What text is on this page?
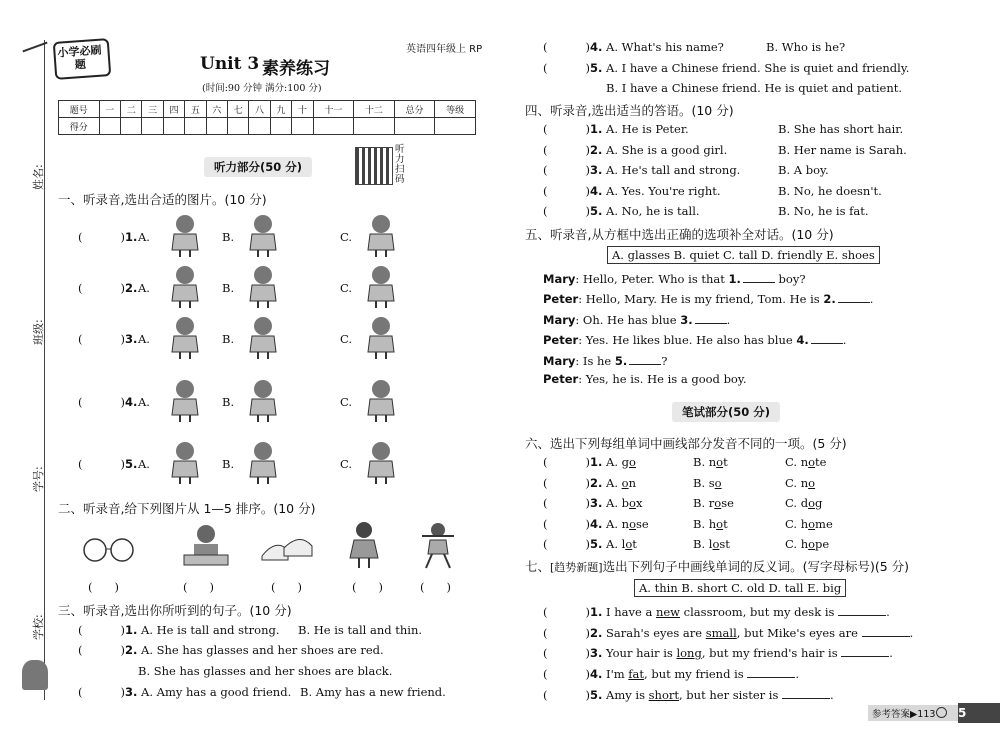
小学必刷题	Unit 3 素养练习
英语四年级上 RP
(时间:90 分钟 满分:100 分)
题号	一	二	三	四	五	六	七	八	九	十	十一	十二	总分	等级
得分														
听力部分(50 分)
听力扫码
姓名:
班级:
学号:
学校:
一、听录音,选出合适的图片。(10 分)
(	)1. A.	B.	C.
(	)2. A.	B.	C.
(	)3. A.	B.	C.
(	)4. A.	B.	C.
(	)5. A.	B.	C.
二、听录音,给下列图片从 1—5 排序。(10 分)
( )	( )	( )	( )	( )
三、听录音,选出你所听到的句子。(10 分)
(	)1. A. He is tall and strong. B. He is tall and thin.
(	)2. A. She has glasses and her shoes are red.
B. She has glasses and her shoes are black.
(	)3. A. Amy has a good friend. B. Amy has a new friend.
(	)4. A. What's his name?	B. Who is he?
(	)5. A. I have a Chinese friend. She is quiet and friendly.
B. I have a Chinese friend. He is quiet and patient.
四、听录音,选出适当的答语。(10 分)
(	)1. A. He is Peter.	B. She has short hair.
(	)2. A. She is a good girl.	B. Her name is Sarah.
(	)3. A. He's tall and strong.	B. A boy.
(	)4. A. Yes. You're right.	B. No, he doesn't.
(	)5. A. No, he is tall.	B. No, he is fat.
五、听录音,从方框中选出正确的选项补全对话。(10 分)
A. glasses B. quiet C. tall D. friendly E. shoes
Mary: Hello, Peter. Who is that 1.	boy?
Peter: Hello, Mary. He is my friend, Tom. He is 2.	.
Mary: Oh. He has blue 3.	.
Peter: Yes. He likes blue. He also has blue 4.	.
Mary: Is he 5.	?
Peter: Yes, he is. He is a good boy.
笔试部分(50 分)
六、选出下列每组单词中画线部分发音不同的一项。(5 分)
(	)1. A. go	B. not	C. note
(	)2. A. on	B. so	C. no
(	)3. A. box	B. rose	C. dog
(	)4. A. nose	B. hot	C. home
(	)5. A. lot	B. lost	C. hope
七、[趋势新题]选出下列句子中画线单词的反义词。(写字母标号)(5 分)
A. thin B. short C. old D. tall E. big
(	)1. I have a new classroom, but my desk is	.
(	)2. Sarah's eyes are small, but Mike's eyes are	.
(	)3. Your hair is long, but my friend's hair is	.
(	)4. I'm fat, but my friend is	.
(	)5. Amy is short, but her sister is	.
参考答案▶113 5
